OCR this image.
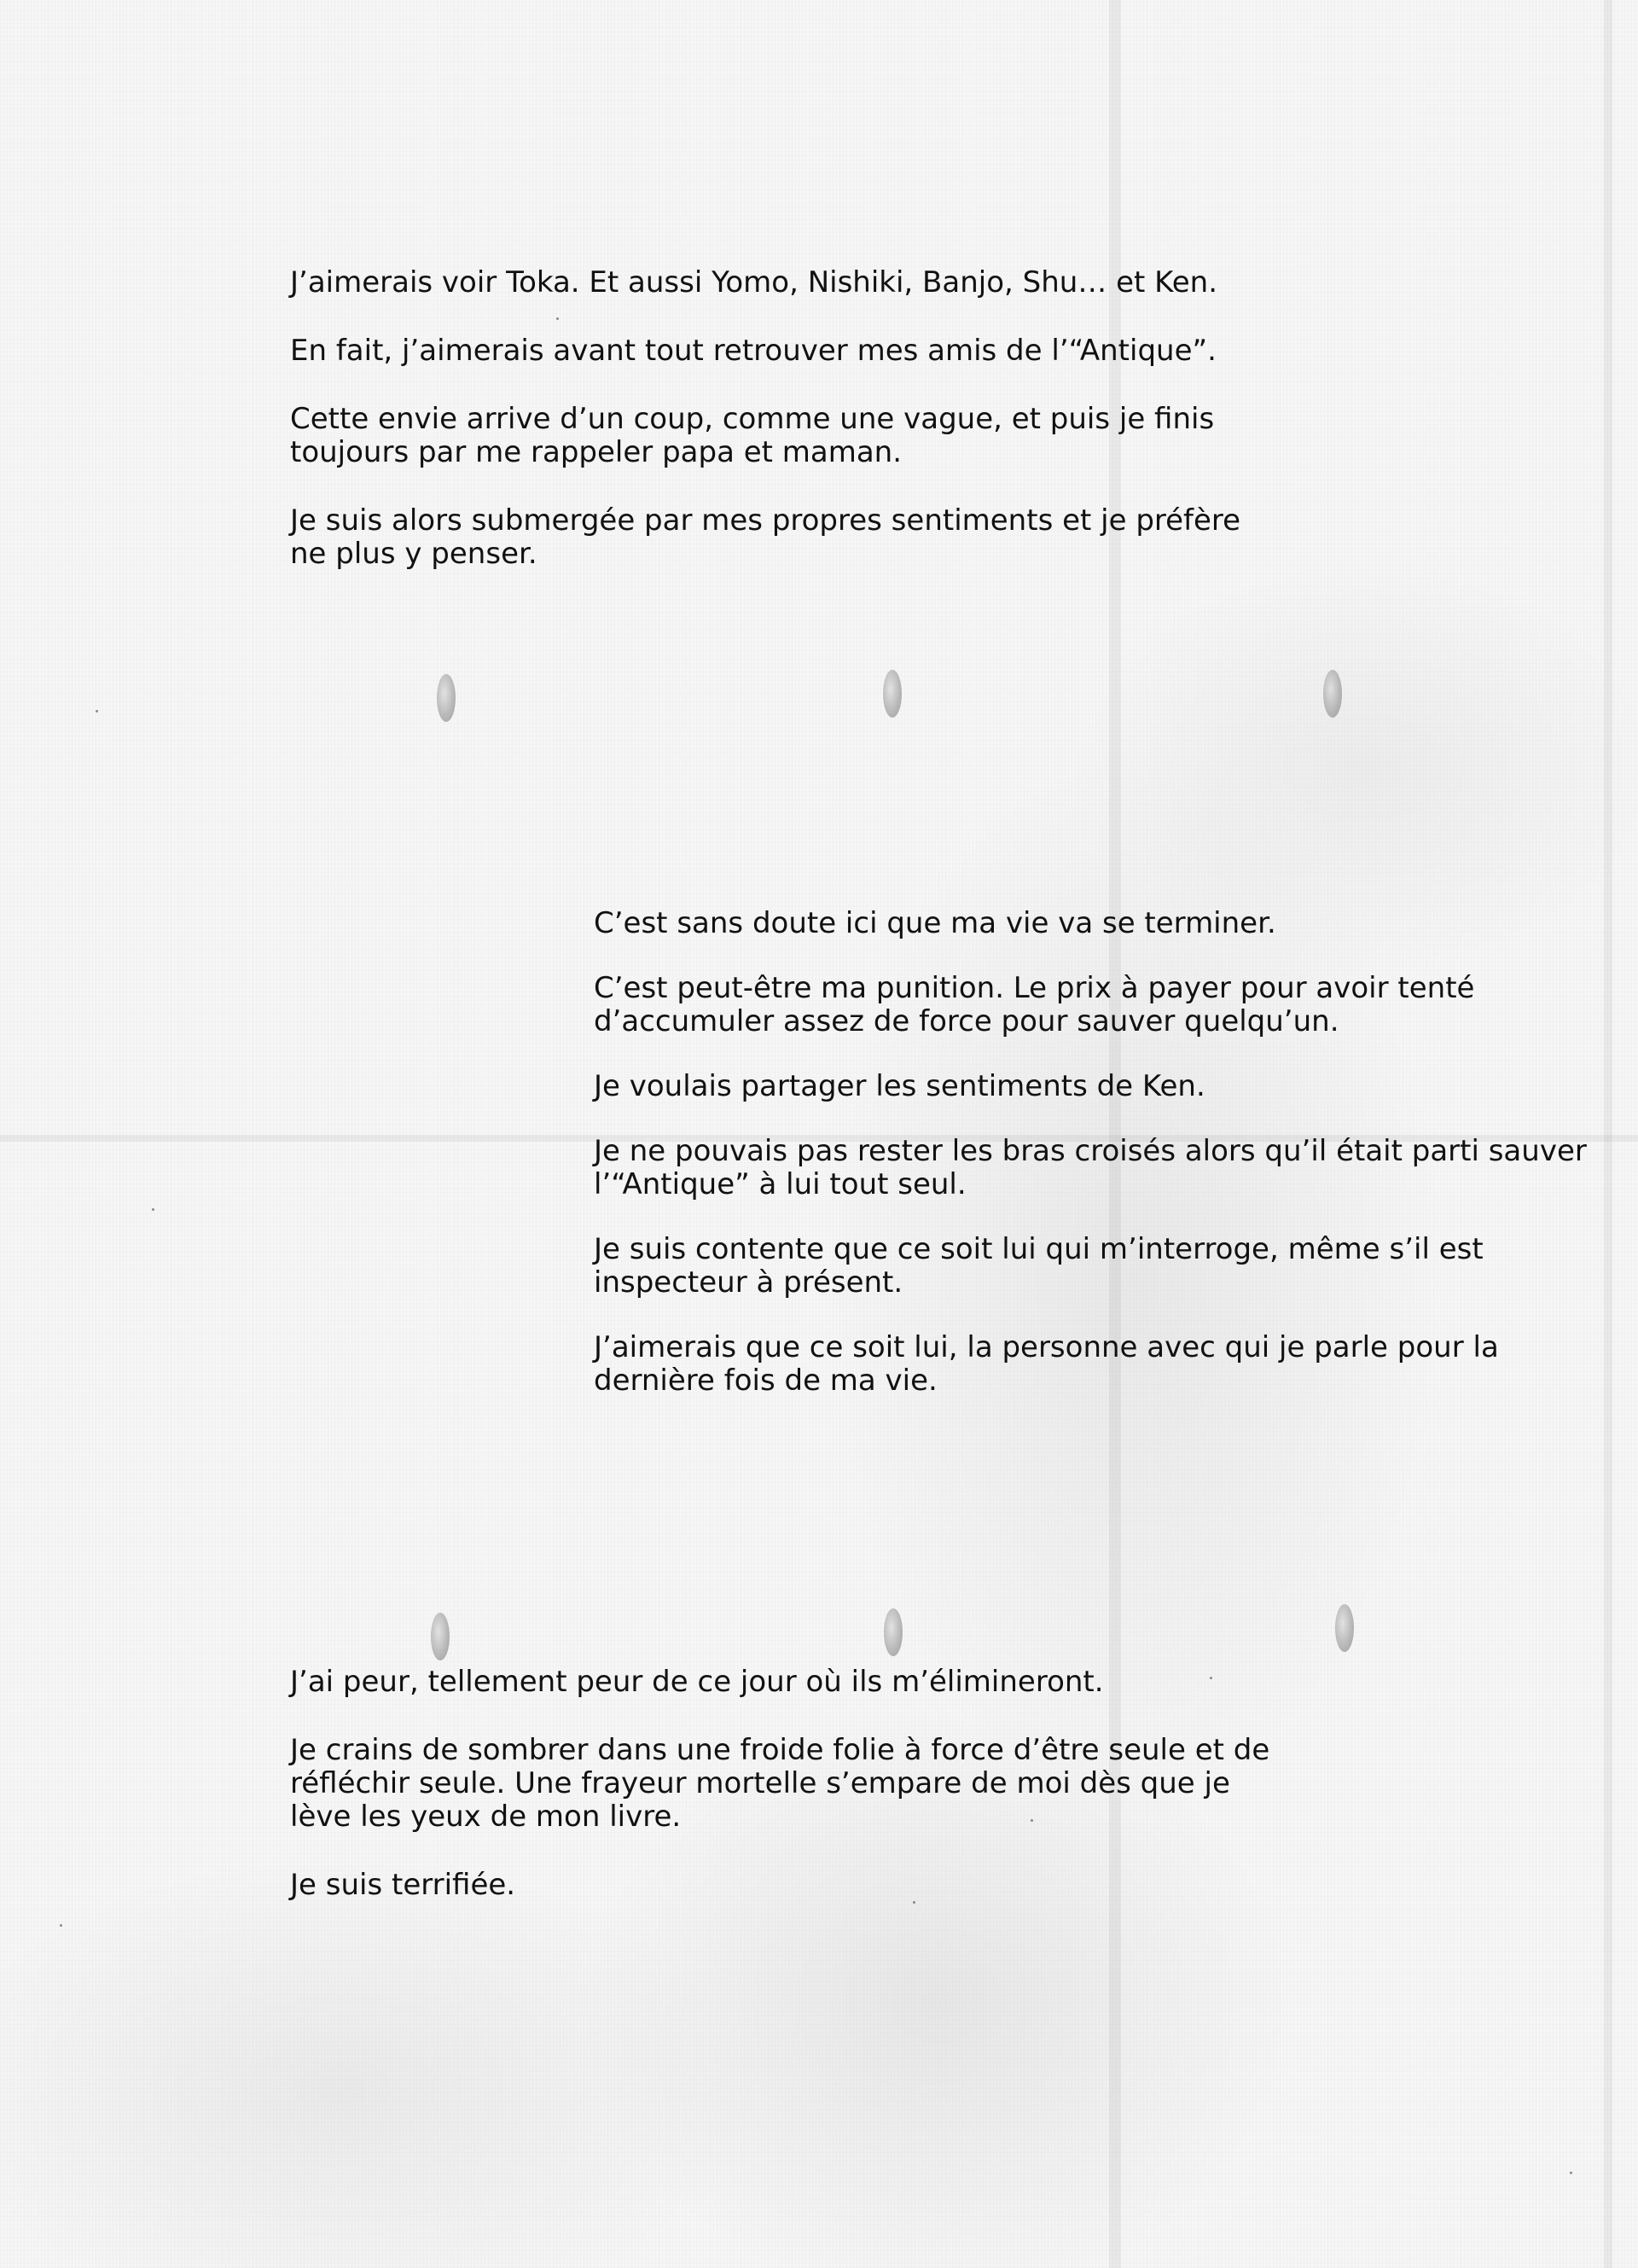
J’aimerais voir Toka. Et aussi Yomo, Nishiki, Banjo, Shu… et Ken.

En fait, j’aimerais avant tout retrouver mes amis de l’“Antique”.

Cette envie arrive d’un coup, comme une vague, et puis je finis toujours par me rappeler papa et maman.

Je suis alors submergée par mes propres sentiments et je préfère ne plus y penser.

C’est sans doute ici que ma vie va se terminer.

C’est peut-être ma punition. Le prix à payer pour avoir tenté d’accumuler assez de force pour sauver quelqu’un.

Je voulais partager les sentiments de Ken.

Je ne pouvais pas rester les bras croisés alors qu’il était parti sauver l’“Antique” à lui tout seul.

Je suis contente que ce soit lui qui m’interroge, même s’il est inspecteur à présent.

J’aimerais que ce soit lui, la personne avec qui je parle pour la dernière fois de ma vie.

J’ai peur, tellement peur de ce jour où ils m’élimineront.

Je crains de sombrer dans une froide folie à force d’être seule et de réfléchir seule. Une frayeur mortelle s’empare de moi dès que je lève les yeux de mon livre.

Je suis terrifiée.
